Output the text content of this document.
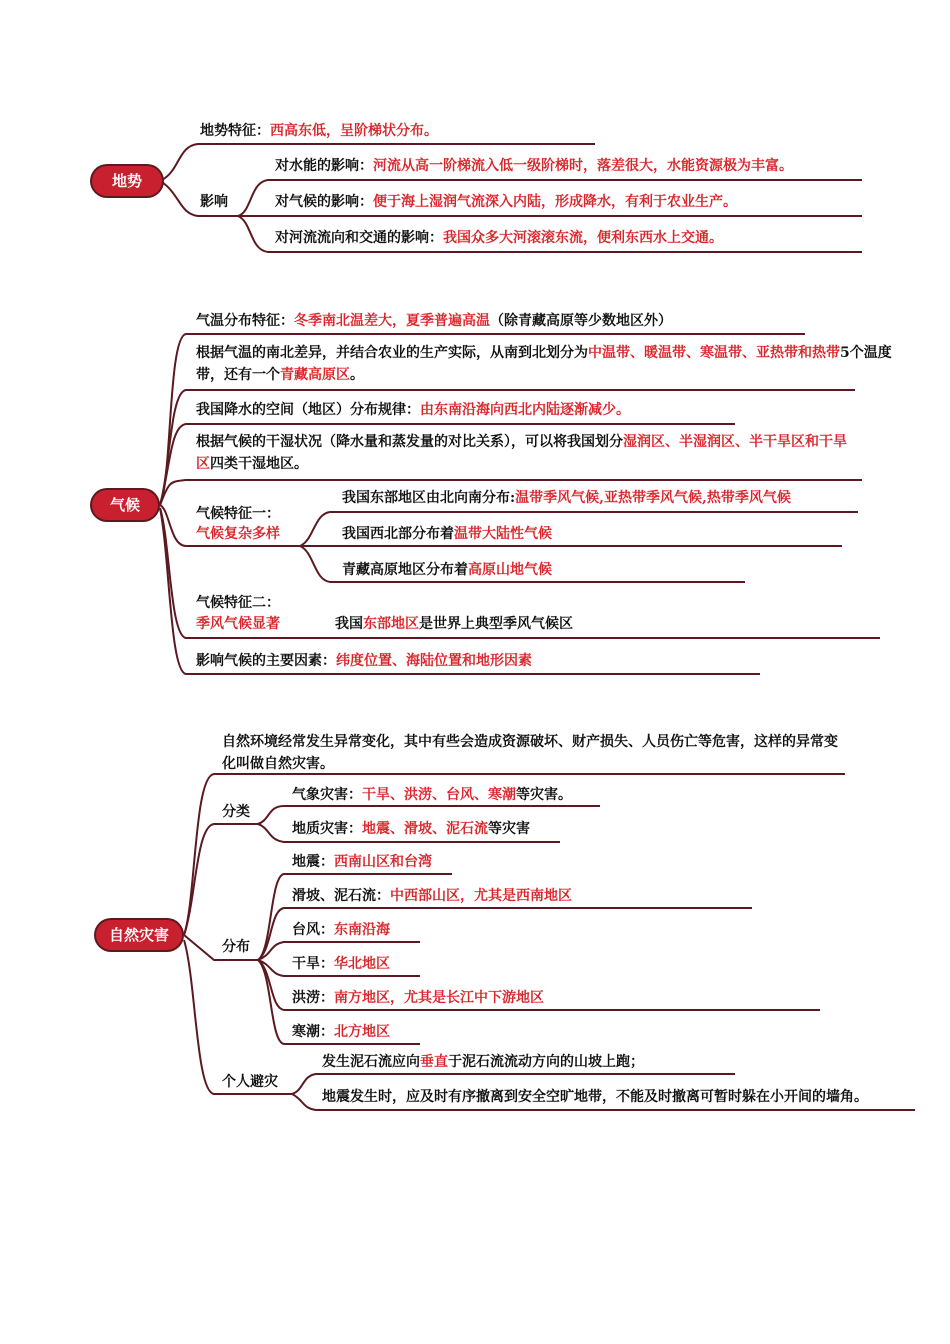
地势
地势特征：西高东低，呈阶梯状分布。
影响
对水能的影响：河流从高一阶梯流入低一级阶梯时，落差很大，水能资源极为丰富。
对气候的影响：便于海上湿润气流深入内陆，形成降水，有利于农业生产。
对河流流向和交通的影响：我国众多大河滚滚东流，便利东西水上交通。
气候
气温分布特征：冬季南北温差大，夏季普遍高温（除青藏高原等少数地区外）
根据气温的南北差异，并结合农业的生产实际，从南到北划分为中温带、暖温带、寒温带、亚热带和热带5个温度带，还有一个青藏高原区。
我国降水的空间（地区）分布规律：由东南沿海向西北内陆逐渐减少。
根据气候的干湿状况（降水量和蒸发量的对比关系），可以将我国划分湿润区、半湿润区、半干旱区和干旱区四类干湿地区。
气候特征一：
气候复杂多样
我国东部地区由北向南分布:温带季风气候,亚热带季风气候,热带季风气候
我国西北部分布着温带大陆性气候
青藏高原地区分布着高原山地气候
气候特征二：
季风气候显著	我国东部地区是世界上典型季风气候区
影响气候的主要因素：纬度位置、海陆位置和地形因素
自然灾害
自然环境经常发生异常变化，其中有些会造成资源破坏、财产损失、人员伤亡等危害，这样的异常变化叫做自然灾害。
分类
气象灾害：干旱、洪涝、台风、寒潮等灾害。
地质灾害：地震、滑坡、泥石流等灾害
分布
地震：西南山区和台湾
滑坡、泥石流：中西部山区，尤其是西南地区
台风：东南沿海
干旱：华北地区
洪涝：南方地区，尤其是长江中下游地区
寒潮：北方地区
个人避灾
发生泥石流应向垂直于泥石流流动方向的山坡上跑；
地震发生时，应及时有序撤离到安全空旷地带，不能及时撤离可暂时躲在小开间的墙角。
